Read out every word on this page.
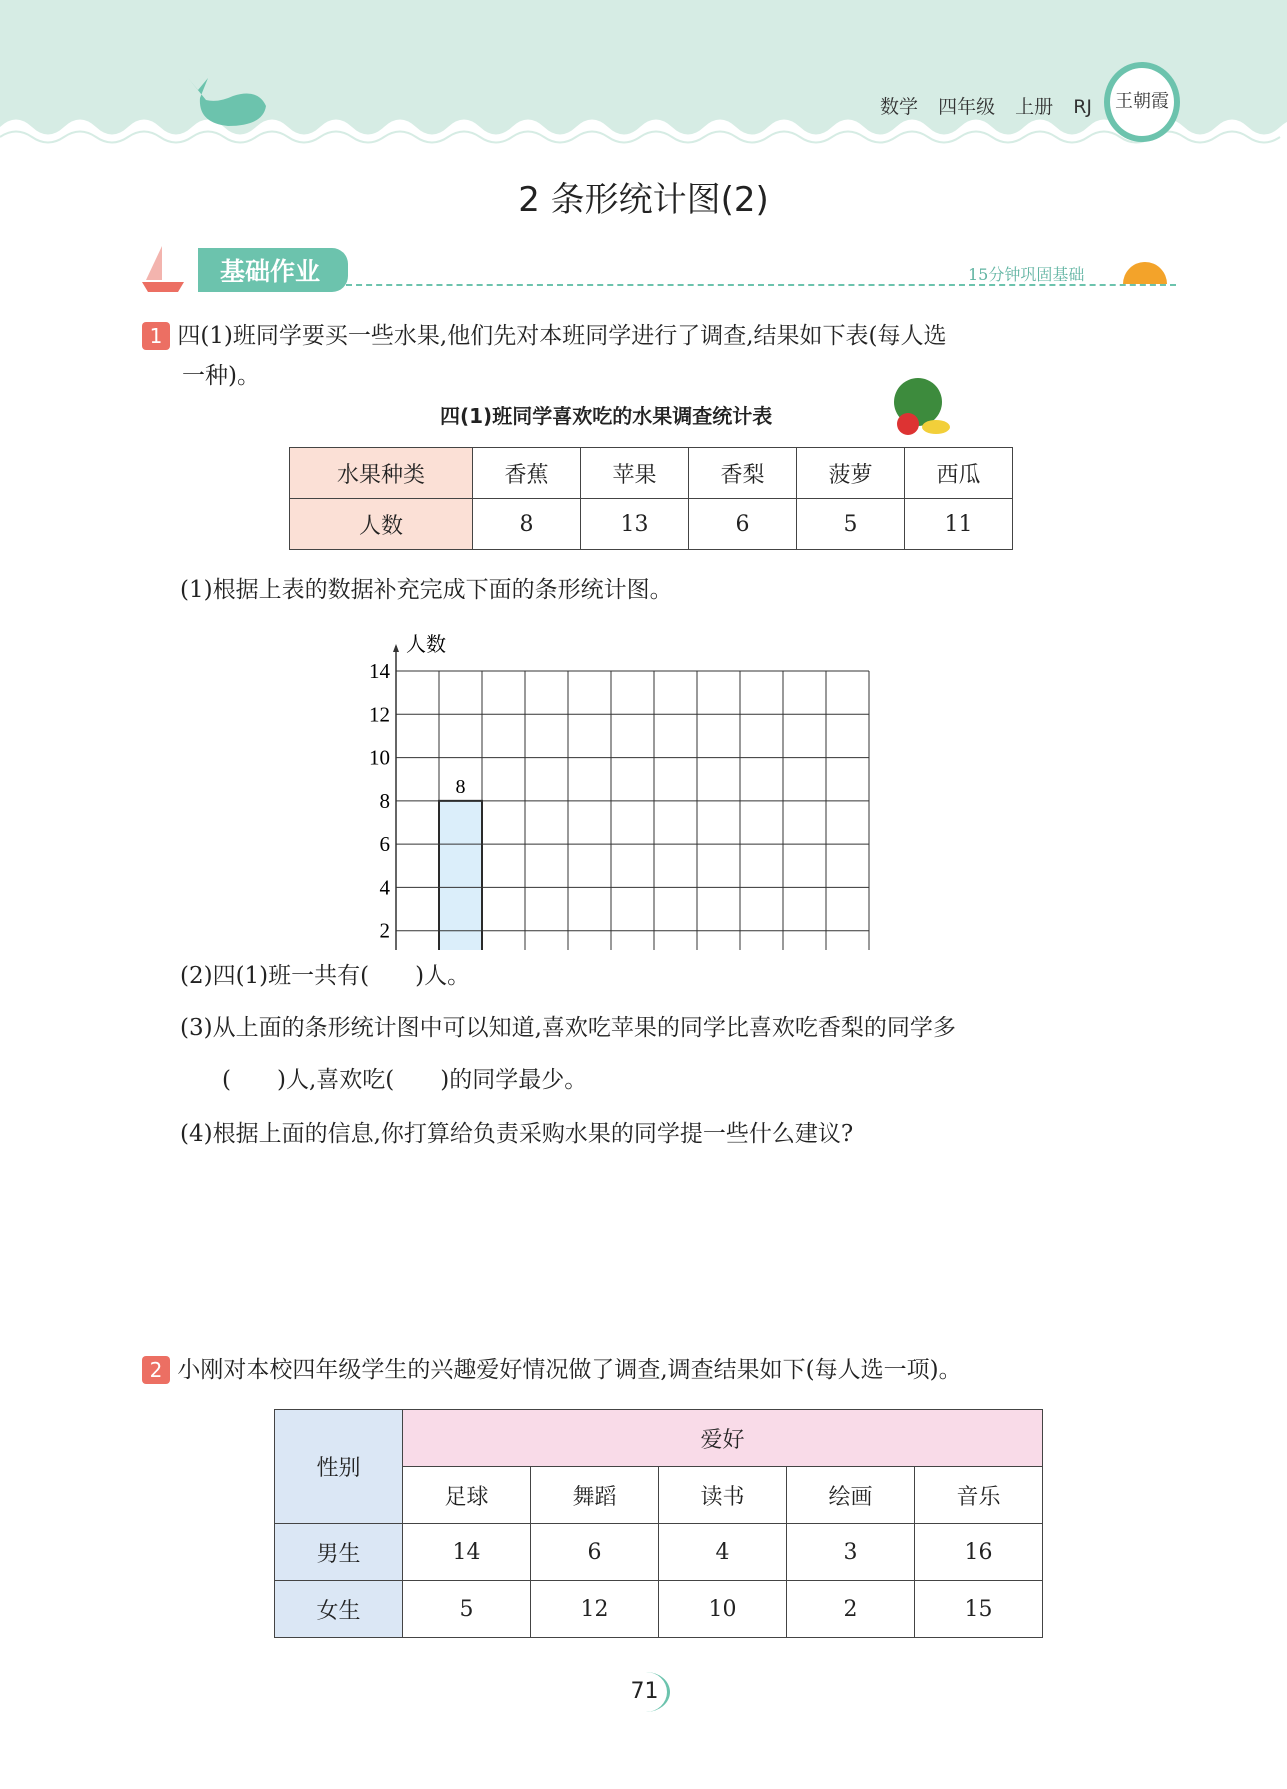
数学 四年级 上册 RJ	王朝霞
2 条形统计图(2)
基础作业	15分钟巩固基础
1 四(1)班同学要买一些水果,他们先对本班同学进行了调查,结果如下表(每人选
一种)。
四(1)班同学喜欢吃的水果调查统计表
水果种类	香蕉	苹果	香梨	菠萝	西瓜
人数	8	13	6	5	11
(1)根据上表的数据补充完成下面的条形统计图。
8
2
4
6
8
10
12
14
人数
(2)四(1)班一共有(　　)人。
(3)从上面的条形统计图中可以知道,喜欢吃苹果的同学比喜欢吃香梨的同学多
(　　)人,喜欢吃(　　)的同学最少。
(4)根据上面的信息,你打算给负责采购水果的同学提一些什么建议?
2 小刚对本校四年级学生的兴趣爱好情况做了调查,调查结果如下(每人选一项)。
性别	爱好				
	足球	舞蹈	读书	绘画	音乐
男生	14	6	4	3	16
女生	5	12	10	2	15
71
